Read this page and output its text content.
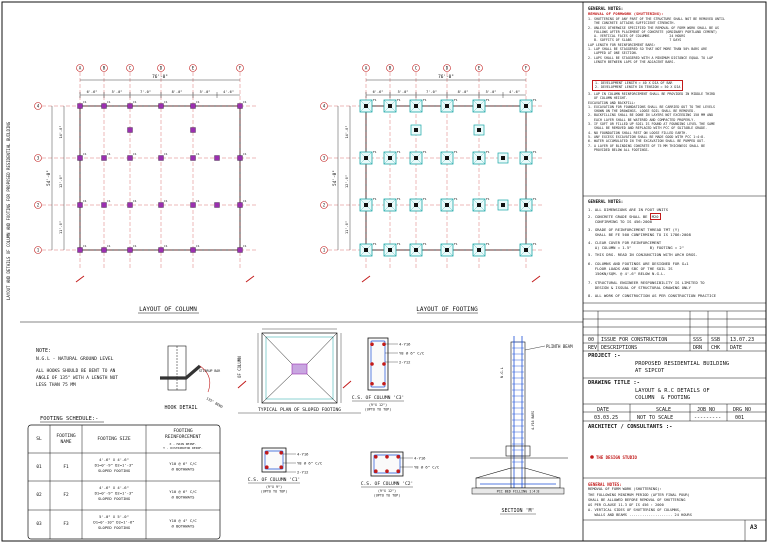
LAYOUT AND DETAILS OF COLUMN AND FOOTING FOR PROPOSED RESIDENTIAL BUILDING
A	B	C	D	E	F
4
3
2
1
76'-0"
6'-6"	5'-0"	7'-0"	8'-0"	5'-0"	4'-6"
54'-0"
14'-0"
12'-0"
11'-0"
C1	C1	C1	C1	C1	C1
C1	C1	C1	C1	C1	C1
C1	C1	C1	C1	C1	C1
C1	C1	C1	C1	C1	C1
A	B	C	D	E	F
4
3
2
1
76'-0"
6'-6"	5'-0"	7'-0"	8'-0"	5'-0"	4'-6"
54'-0"
14'-0"
12'-0"
11'-0"
F1	F1	F1	F1	F1	F1
F1	F1	F1	F1	F1	F1
F1	F1	F1	F1	F1	F1
F1	F1	F1	F1	F1	F1
LAYOUT OF COLUMN	LAYOUT OF FOOTING
NOTE:
N.G.L - NATURAL GROUND LEVEL
ALL HOOKS SHOULD BE BENT TO AN
ANGLE OF 135° WITH A LENGTH NOT
LESS THAN 75 MM
STIRRUP BAR
135° BEND
HOOK DETAIL
FOOTING SCHEDULE:-
SL
FOOTING
NAME
FOOTING SIZE
FOOTING
REINFORCEMENT
X - MAIN REINF.
Y - DISTRIBUTOR REINF.
01	F1
4'-6" X 4'-6"
D1=0'-9" D2=1'-3"
SLOPED FOOTING
Y10 @ 6" C/C
@ BOTHWAYS
02	F2
4'-6" X 4'-6"
D1=0'-9" D2=1'-3"
SLOPED FOOTING
Y10 @ 6" C/C
@ BOTHWAYS
03	F3
5'-0" X 5'-0"
D1=0'-10" D2=1'-6"
SLOPED FOOTING
Y10 @ 4" C/C
@ BOTHWAYS
TYPICAL PLAN OF SLOPED FOOTING
OF COLUMN
4-Y16
Y8 @ 6" C/C
2-Y12
C.S. OF COLUMN 'C3'
(9"X 12")
(UPTO TO TOP)
4-Y16
Y8 @ 6" C/C
2-Y12
C.S. OF COLUMN 'C1'
(9"X 9")
(UPTO TO TOP)
4-Y16
Y8 @ 6" C/C
C.S. OF COLUMN 'C2'
(9"X 12")
(UPTO TO TOP)
PCC BED FILLING 1:4:8
N.G.L
4-Y16 BARS
PLINTH BEAM
SECTION 'M'
GENERAL NOTES:
REMOVAL OF FORMWORK (SHUTTERING):
1. SHUTTERING OF ANY PART OF THE STRUCTURE SHALL NOT BE REMOVED UNTIL
THE CONCRETE ATTAINS SUFFICIENT STRENGTH.
2. UNLESS OTHERWISE SPECIFIED THE REMOVAL OF FORM WORK SHALL BE AS
FOLLOWS AFTER PLACEMENT OF CONCRETE (ORDINARY PORTLAND CEMENT)
A. VERTICAL FACES OF COLUMNS          24 HOURS
B. SOFFITS OF SLABS                   7 DAYS
LAP LENGTH FOR REINFORCEMENT BARS:
1. LAP SHALL BE STAGGERED SO THAT NOT MORE THAN 50% BARS ARE
LAPPED AT ONE SECTION.
2. LAPS SHALL BE STAGGERED WITH A MINIMUM DISTANCE EQUAL TO LAP
LENGTH BETWEEN LAPS OF THE ADJACENT BARS.
1. DEVELOPMENT LENGTH = 40 X DIA OF BAR
2. DEVELOPMENT LENGTH IN TENSION = 50 X DIA
3. LAP IN COLUMN REINFORCEMENT SHALL BE PROVIDED IN MIDDLE THIRD
OF COLUMN HEIGHT.
EXCAVATION AND BACKFILL:
1. EXCAVATION FOR FOUNDATIONS SHALL BE CARRIED OUT TO THE LEVELS
SHOWN ON THE DRAWINGS. LOOSE SOIL SHALL BE REMOVED.
2. BACKFILLING SHALL BE DONE IN LAYERS NOT EXCEEDING 150 MM AND
EACH LAYER SHALL BE WATERED AND COMPACTED PROPERLY.
3. IF SOFT OR FILLED UP SOIL IS FOUND AT FOUNDING LEVEL THE SAME
SHALL BE REMOVED AND REPLACED WITH PCC OF SUITABLE GRADE.
4. NO FOUNDATION SHALL REST ON LOOSE FILLED EARTH.
5. ANY EXCESS EXCAVATION SHALL BE MADE GOOD WITH PCC 1:4:8.
6. WATER ACCUMULATED IN THE EXCAVATION SHALL BE PUMPED OUT.
7. A LAYER OF BLINDING CONCRETE OF 75 MM THICKNESS SHALL BE
PROVIDED BELOW ALL FOOTINGS.
GENERAL NOTES:
1. ALL DIMENSIONS ARE IN FOOT UNITS
2. CONCRETE GRADE SHALL BE M20
CONFIRMING TO IS 456:2000
3. GRADE OF REINFORCEMENT THREAD TMT (Y)
SHALL BE FE 500 CONFIRMING TO IS 1786:2008
4. CLEAR COVER FOR REINFORCEMENT
A) COLUMN = 1.5"        B) FOOTING = 2"
5. THIS DRG. READ IN CONJUNCTION WITH ARCH DRGS.
6. COLUMNS AND FOOTINGS ARE DESIGNED FOR G+1
FLOOR LOADS AND SBC OF THE SOIL IS
150KN/SQM. @ 4'-6" BELOW N.G.L.
7. STRUCTURAL ENGINEER RESPONSIBILITY IS LIMITED TO
DESIGN & ISSUAL OF STRUCTURAL DRAWING ONLY
8. ALL WORK OF CONSTRUCTION AS PER CONSTRUCTION PRACTICE
00 ISSUE FOR CONSTRUCTION	SSS SSB 13.07.23
REV DESCRIPTIONS	DRN CHK DATE
PROJECT :-
PROPOSED RESIDENTIAL BUILDING
AT SIPCOT
DRAWING TITLE :-
LAYOUT & R.C DETAILS OF
COLUMN  & FOOTING
DATE	SCALE	JOB NO	DRG NO
03.03.25	NOT TO SCALE	---------	001
ARCHITECT / CONSULTANTS :-
THE DESIGN STUDIO
GENERAL NOTES:
REMOVAL OF FORM WORK (SHUTTERING):
THE FOLLOWING MINIMUM PERIOD (AFTER FINAL POUR)
SHALL BE ALLOWED BEFORE REMOVAL OF SHUTTERING
AS PER CLAUSE 11.3 OF IS 456 : 2000
A. VERTICAL SIDES OF SHUTTERING OF COLUMNS,
WALLS AND BEAMS .................... 24 HOURS
A3
